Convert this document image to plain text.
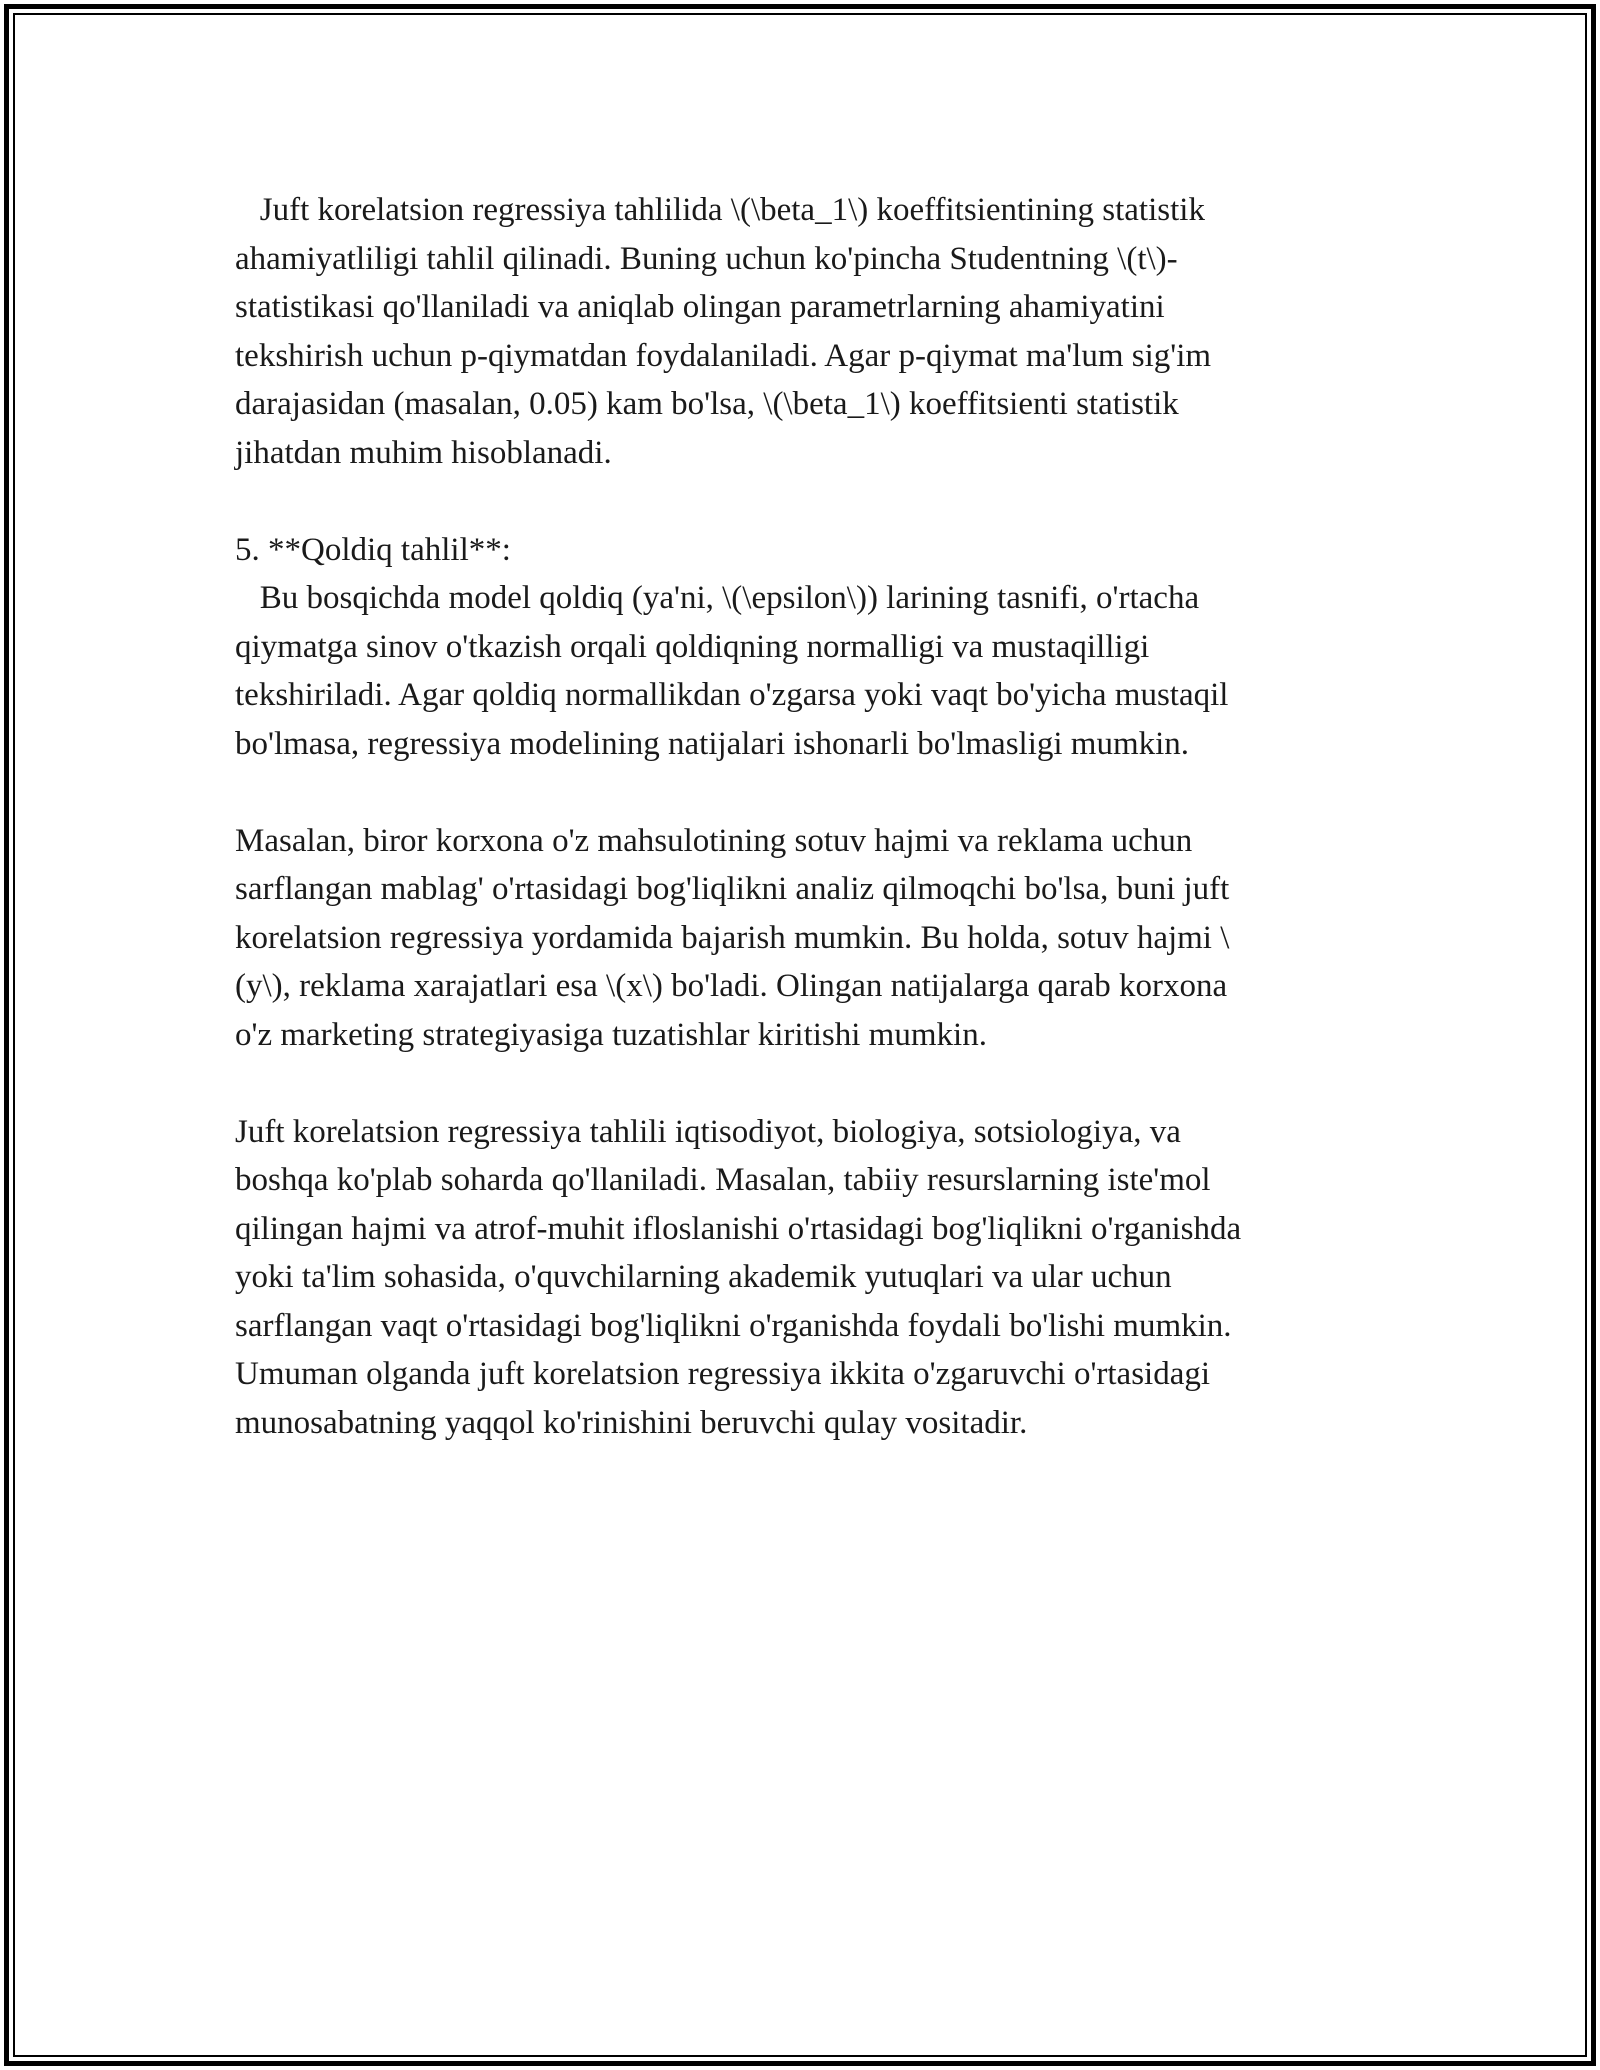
Juft korelatsion regressiya tahlilida \(\beta_1\) koeffitsientining statistik
ahamiyatliligi tahlil qilinadi. Buning uchun ko'pincha Studentning \(t\)-
statistikasi qo'llaniladi va aniqlab olingan parametrlarning ahamiyatini
tekshirish uchun p-qiymatdan foydalaniladi. Agar p-qiymat ma'lum sig'im
darajasidan (masalan, 0.05) kam bo'lsa, \(\beta_1\) koeffitsienti statistik
jihatdan muhim hisoblanadi.

5. **Qoldiq tahlil**:
Bu bosqichda model qoldiq (ya'ni, \(\epsilon\)) larining tasnifi, o'rtacha
qiymatga sinov o'tkazish orqali qoldiqning normalligi va mustaqilligi
tekshiriladi. Agar qoldiq normallikdan o'zgarsa yoki vaqt bo'yicha mustaqil
bo'lmasa, regressiya modelining natijalari ishonarli bo'lmasligi mumkin.

Masalan, biror korxona o'z mahsulotining sotuv hajmi va reklama uchun
sarflangan mablag' o'rtasidagi bog'liqlikni analiz qilmoqchi bo'lsa, buni juft
korelatsion regressiya yordamida bajarish mumkin. Bu holda, sotuv hajmi \
(y\), reklama xarajatlari esa \(x\) bo'ladi. Olingan natijalarga qarab korxona
o'z marketing strategiyasiga tuzatishlar kiritishi mumkin.

Juft korelatsion regressiya tahlili iqtisodiyot, biologiya, sotsiologiya, va
boshqa ko'plab soharda qo'llaniladi. Masalan, tabiiy resurslarning iste'mol
qilingan hajmi va atrof-muhit ifloslanishi o'rtasidagi bog'liqlikni o'rganishda
yoki ta'lim sohasida, o'quvchilarning akademik yutuqlari va ular uchun
sarflangan vaqt o'rtasidagi bog'liqlikni o'rganishda foydali bo'lishi mumkin.
Umuman olganda juft korelatsion regressiya ikkita o'zgaruvchi o'rtasidagi
munosabatning yaqqol ko'rinishini beruvchi qulay vositadir.
